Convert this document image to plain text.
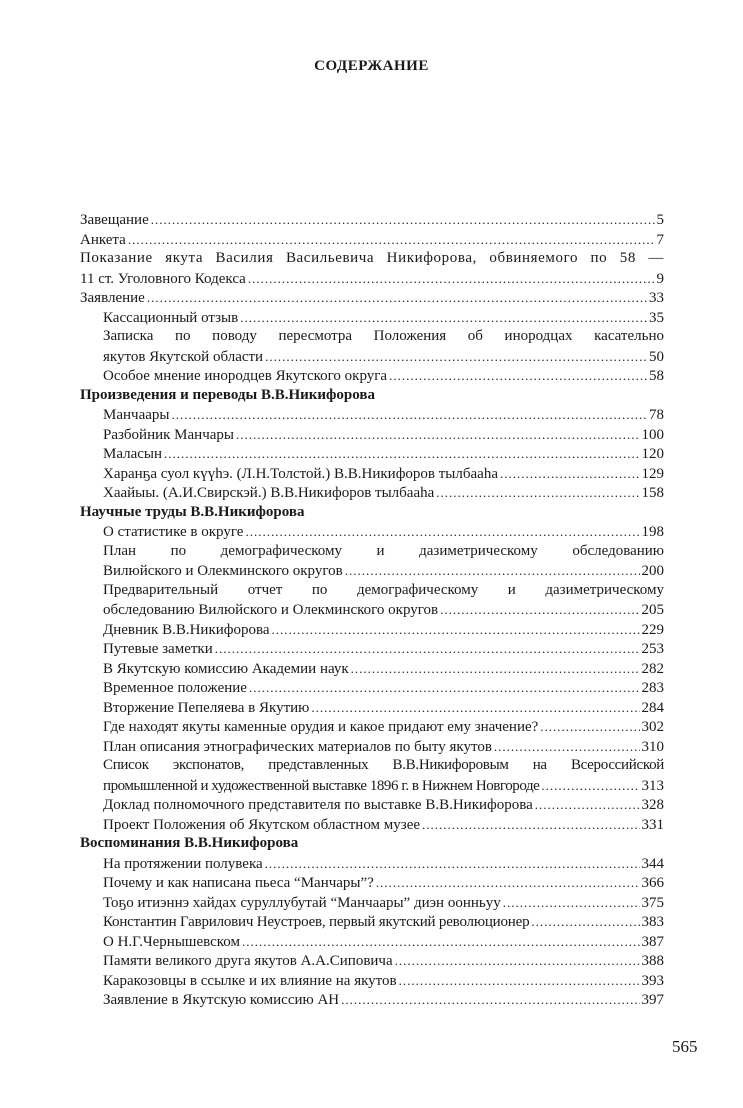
СОДЕРЖАНИЕ
Завещание .....	5
Анкета .....	7
Показание якута Василия Васильевича Никифорова, обвиняемого по 58 —
11 ст. Уголовного Кодекса .....	9
Заявление .....	33
Кассационный отзыв .....	35
Записка по поводу пересмотра Положения об инородцах касательно
якутов Якутской области .....	50
Особое мнение инородцев Якутского округа .....	58
Произведения и переводы В.В.Никифорова
Манчаары .....	78
Разбойник Манчары .....	100
Маласын .....	120
Харанҕа суол күүһэ. (Л.Н.Толстой.) В.В.Никифоров тылбааһа .....	129
Хаайыы. (А.И.Свирскэй.) В.В.Никифоров тылбааһа .....	158
Научные труды В.В.Никифорова
О статистике в округе .....	198
План по демографическому и дазиметрическому обследованию
Вилюйского и Олекминского округов .....	200
Предварительный отчет по демографическому и дазиметрическому
обследованию Вилюйского и Олекминского округов .....	205
Дневник В.В.Никифорова .....	229
Путевые заметки .....	253
В Якутскую комиссию Академии наук .....	282
Временное положение .....	283
Вторжение Пепеляева в Якутию .....	284
Где находят якуты каменные орудия и какое придают ему значение? .....	302
План описания этнографических материалов по быту якутов .....	310
Список экспонатов, представленных В.В.Никифоровым на Всероссийской
промышленной и художественной выставке 1896 г. в Нижнем Новгороде .....	313
Доклад полномочного представителя по выставке В.В.Никифорова .....	328
Проект Положения об Якутском областном музее .....	331
Воспоминания В.В.Никифорова
На протяжении полувека .....	344
Почему и как написана пьеса “Манчары”? .....	366
Тоҕо итиэннэ хайдах суруллубутай “Манчаары” диэн оонньуу .....	375
Константин Гаврилович Неустроев, первый якутский революционер .....	383
О Н.Г.Чернышевском .....	387
Памяти великого друга якутов А.А.Сиповича .....	388
Каракозовцы в ссылке и их влияние на якутов .....	393
Заявление в Якутскую комиссию АН .....	397
565
